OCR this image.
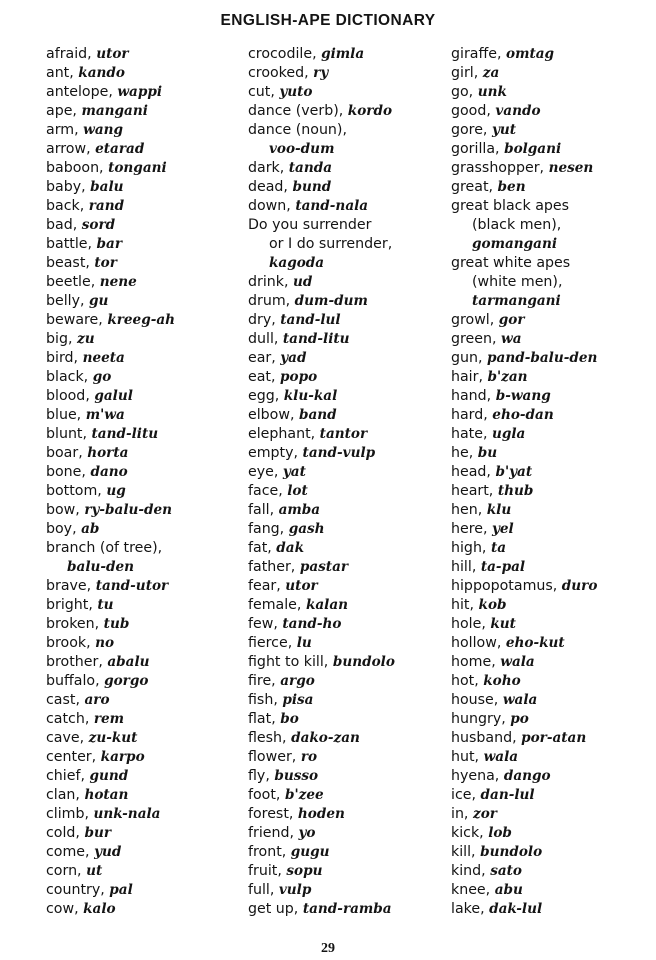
ENGLISH-APE DICTIONARY
afraid, utor
ant, kando
antelope, wappi
ape, mangani
arm, wang
arrow, etarad
baboon, tongani
baby, balu
back, rand
bad, sord
battle, bar
beast, tor
beetle, nene
belly, gu
beware, kreeg-ah
big, zu
bird, neeta
black, go
blood, galul
blue, m'wa
blunt, tand-litu
boar, horta
bone, dano
bottom, ug
bow, ry-balu-den
boy, ab
branch (of tree),
balu-den
brave, tand-utor
bright, tu
broken, tub
brook, no
brother, abalu
buffalo, gorgo
cast, aro
catch, rem
cave, zu-kut
center, karpo
chief, gund
clan, hotan
climb, unk-nala
cold, bur
come, yud
corn, ut
country, pal
cow, kalo
crocodile, gimla
crooked, ry
cut, yuto
dance (verb), kordo
dance (noun),
voo-dum
dark, tanda
dead, bund
down, tand-nala
Do you surrender
or I do surrender,
kagoda
drink, ud
drum, dum-dum
dry, tand-lul
dull, tand-litu
ear, yad
eat, popo
egg, klu-kal
elbow, band
elephant, tantor
empty, tand-vulp
eye, yat
face, lot
fall, amba
fang, gash
fat, dak
father, pastar
fear, utor
female, kalan
few, tand-ho
fierce, lu
fight to kill, bundolo
fire, argo
fish, pisa
flat, bo
flesh, dako-zan
flower, ro
fly, busso
foot, b'zee
forest, hoden
friend, yo
front, gugu
fruit, sopu
full, vulp
get up, tand-ramba
giraffe, omtag
girl, za
go, unk
good, vando
gore, yut
gorilla, bolgani
grasshopper, nesen
great, ben
great black apes
(black men),
gomangani
great white apes
(white men),
tarmangani
growl, gor
green, wa
gun, pand-balu-den
hair, b'zan
hand, b-wang
hard, eho-dan
hate, ugla
he, bu
head, b'yat
heart, thub
hen, klu
here, yel
high, ta
hill, ta-pal
hippopotamus, duro
hit, kob
hole, kut
hollow, eho-kut
home, wala
hot, koho
house, wala
hungry, po
husband, por-atan
hut, wala
hyena, dango
ice, dan-lul
in, zor
kick, lob
kill, bundolo
kind, sato
knee, abu
lake, dak-lul
29
